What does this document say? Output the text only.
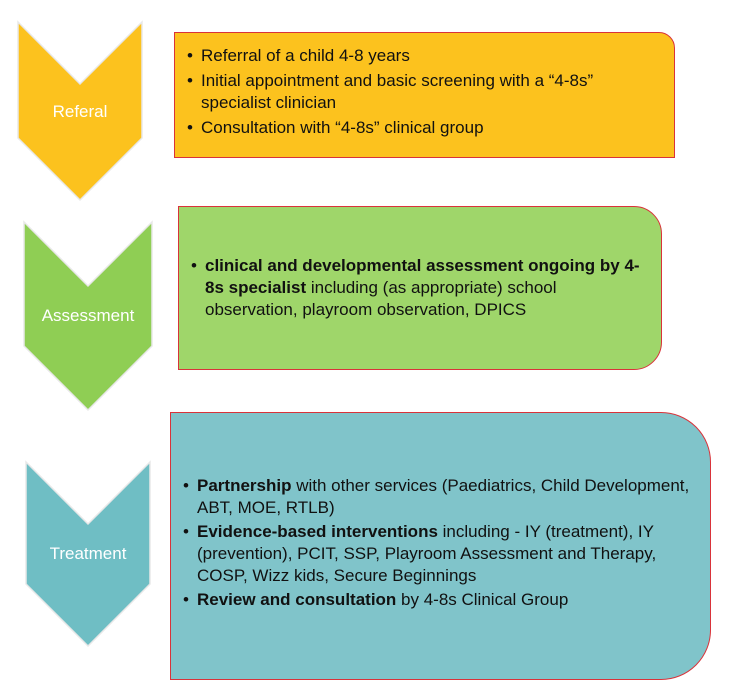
Referal
Assessment
Treatment
• Referral of a child 4-8 years
• Initial appointment and basic screening with a “4-8s” specialist clinician
• Consultation with “4-8s” clinical group
• clinical and developmental assessment ongoing by 4-8s specialist including (as appropriate) school observation, playroom observation, DPICS
• Partnership with other services (Paediatrics, Child Development, ABT, MOE, RTLB)
• Evidence-based interventions including - IY (treatment), IY (prevention), PCIT, SSP, Playroom Assessment and Therapy, COSP, Wizz kids, Secure Beginnings
• Review and consultation by 4-8s Clinical Group
